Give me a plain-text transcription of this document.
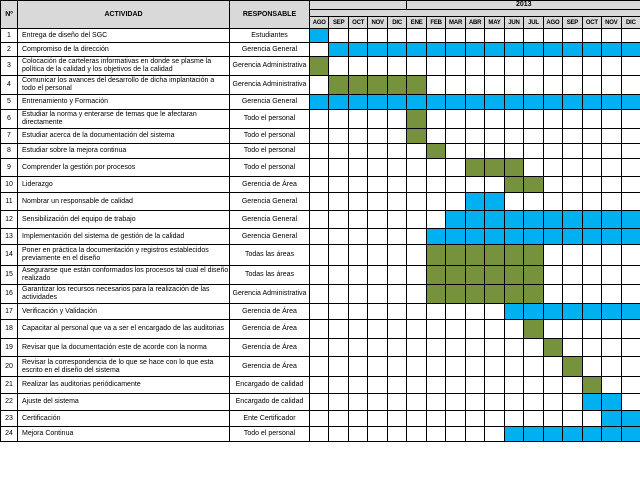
Nº	ACTIVIDAD	RESPONSABLE						2013											

			AGO	SEP	OCT	NOV	DIC	ENE	FEB	MAR	ABR	MAY	JUN	JUL	AGO	SEP	OCT	NOV	DIC
1	Entrega de diseño del SGC	Estudiantes																	
2	Compromiso de la dirección	Gerencia General																	
3	Colocación de carteleras informativas en donde se plasme la política de la calidad y los objetivos de la calidad	Gerencia Administrativa																	
4	Comunicar los avances del desarrollo de dicha implantación a todo el personal	Gerencia Administrativa																	
5	Entrenamiento y Formación	Gerencia General																	
6	Estudiar la norma y enterarse de temas que le afectaran directamente	Todo el personal																	
7	Estudiar acerca de la documentación del sistema	Todo el personal																	
8	Estudiar sobre la mejora continua	Todo el personal																	
9	Comprender la gestión por procesos	Todo el personal																	
10	Liderazgo	Gerencia de Área																	
11	Nombrar un responsable de calidad	Gerencia General																	
12	Sensibilización del equipo de trabajo	Gerencia General																	
13	Implementación del sistema de gestión de la calidad	Gerencia General																	
14	Poner en práctica la documentación y registros establecidos previamente en el diseño	Todas las áreas																	
15	Asegurarse que están conformados los procesos tal cual el diseño realizado	Todas las áreas																	
16	Garantizar los recursos necesarios para la realización de las actividades	Gerencia Administrativa																	
17	Verificación y Validación	Gerencia de Área																	
18	Capacitar al personal que va a ser el encargado de las auditorias	Gerencia de Área																	
19	Revisar que la documentación este de acorde con la norma	Gerencia de Área																	
20	Revisar la correspondencia de lo que se hace con lo que esta escrito en el diseño del sistema	Gerencia de Área																	
21	Realizar las auditorias periódicamente	Encargado de calidad																	
22	Ajuste del sistema	Encargado de calidad																	
23	Certificación	Ente Certificador																	
24	Mejora Continua	Todo el personal																	
